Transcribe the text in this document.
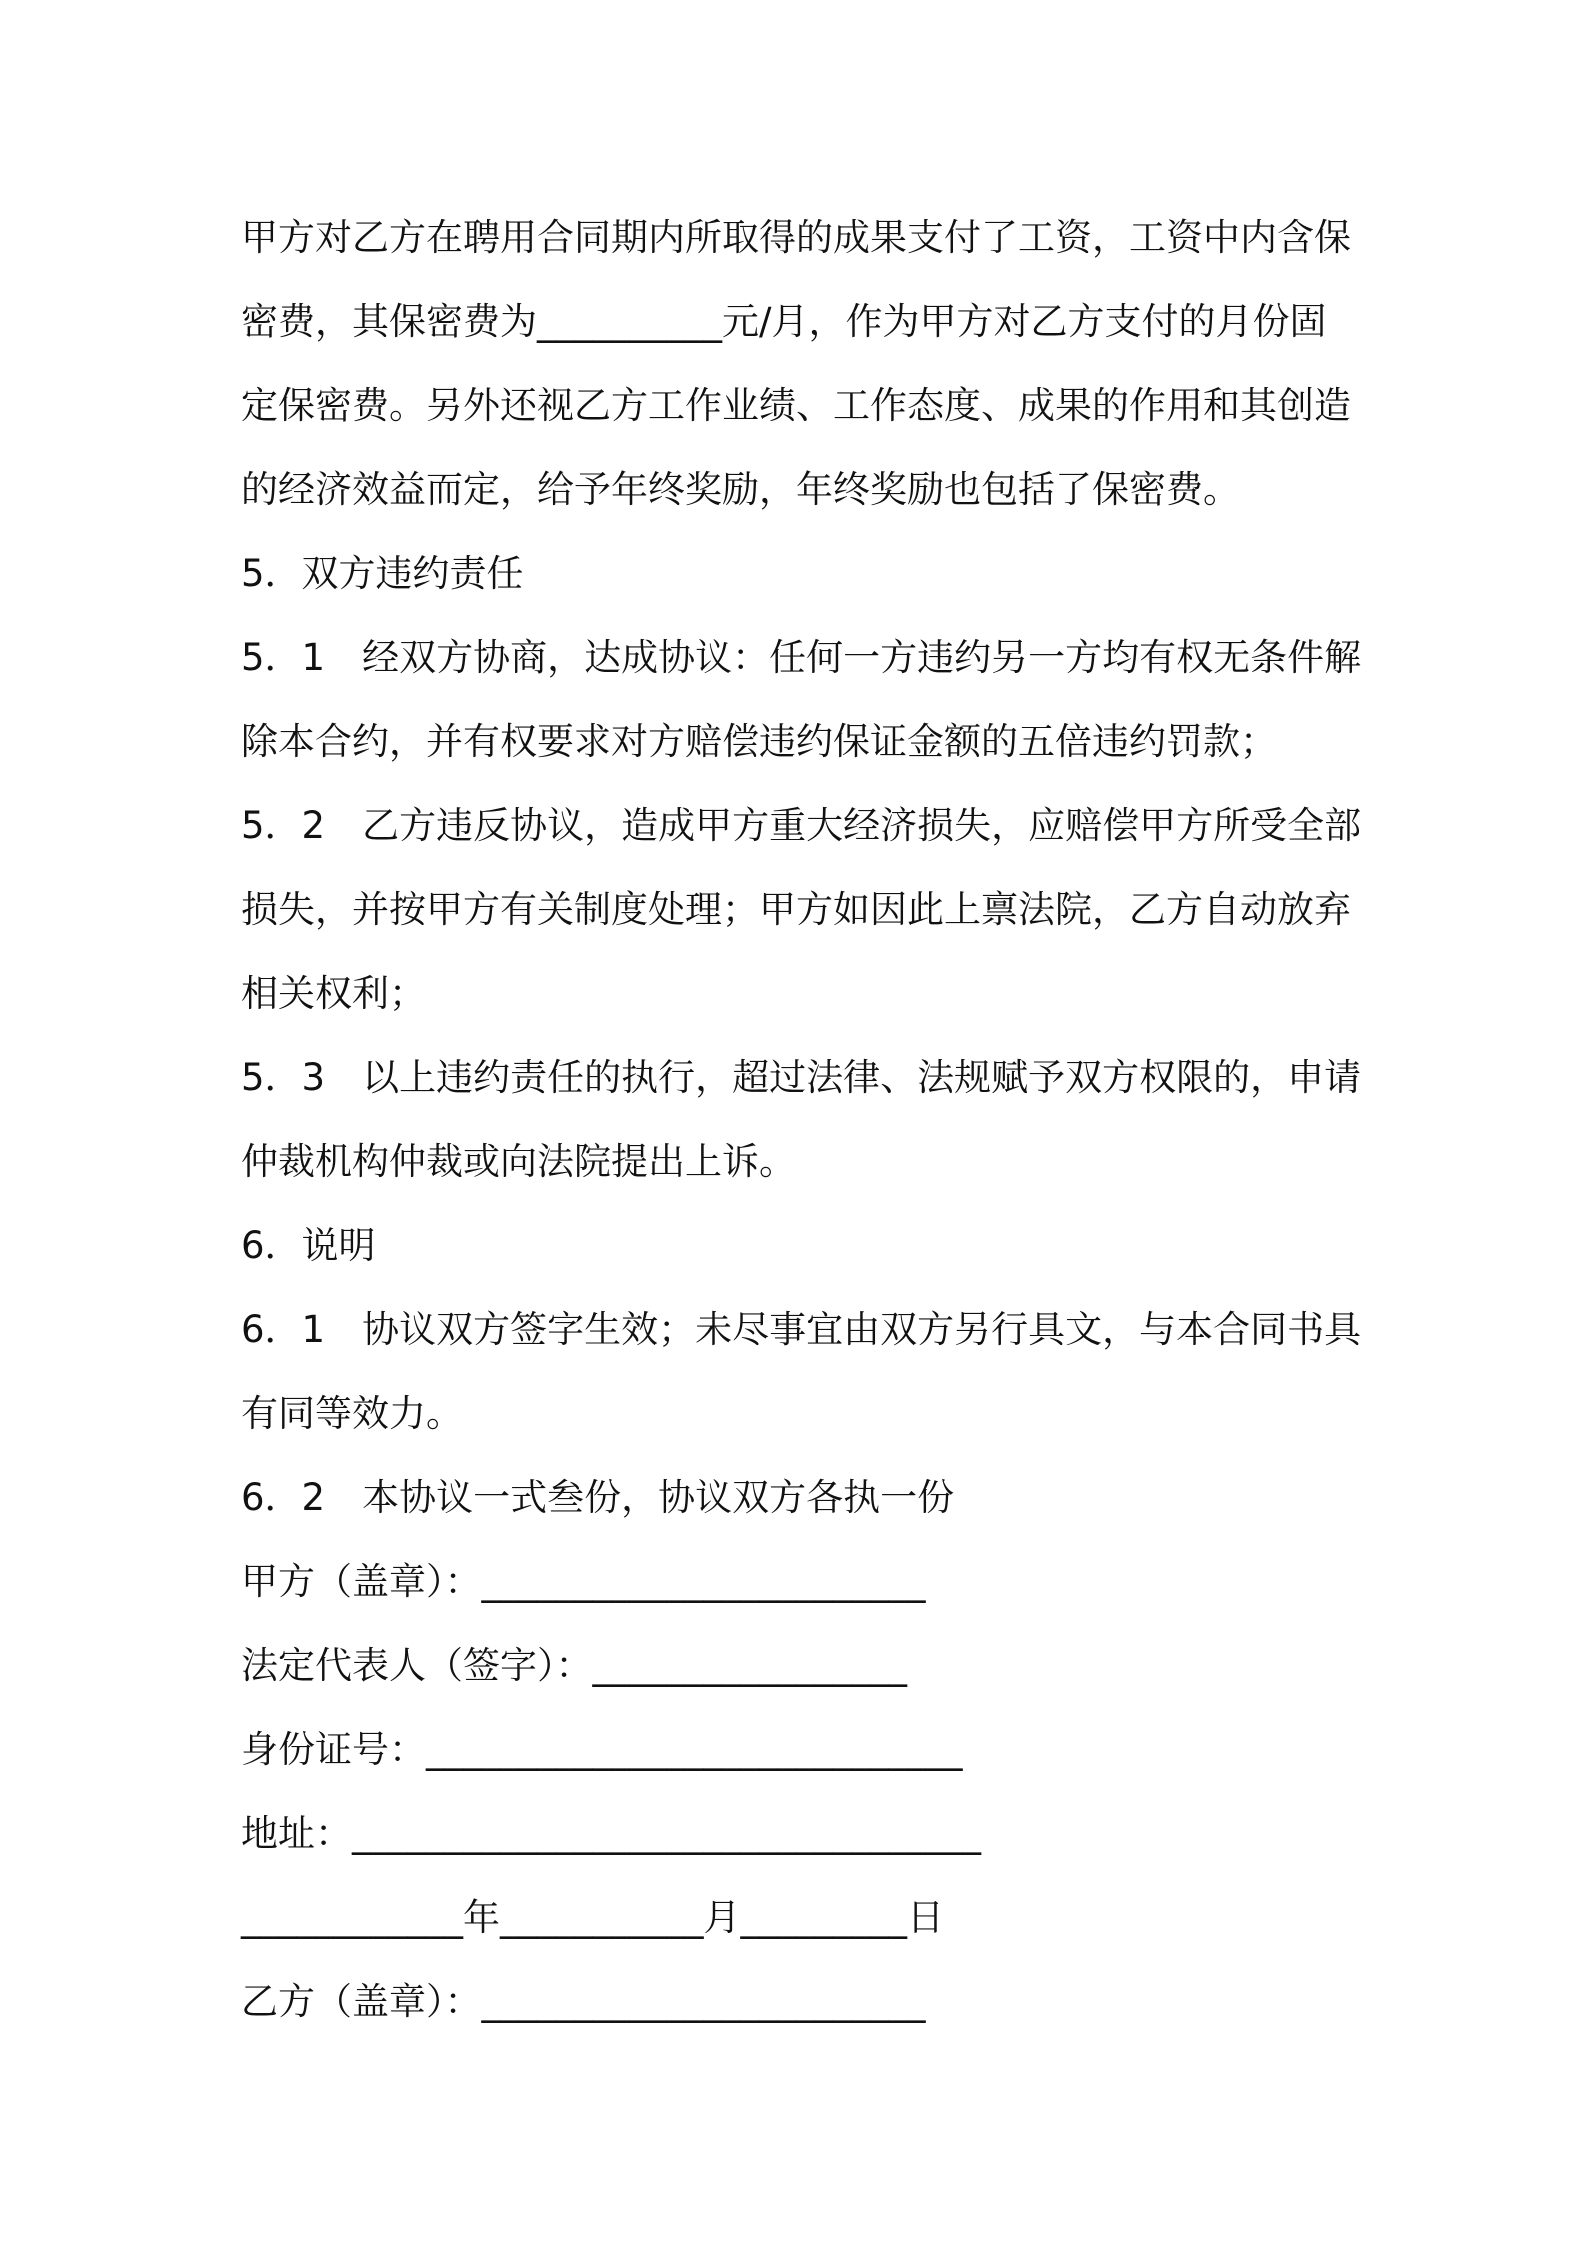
甲方对乙方在聘用合同期内所取得的成果支付了工资，工资中内含保
密费，其保密费为__________元/月，作为甲方对乙方支付的月份固
定保密费。另外还视乙方工作业绩、工作态度、成果的作用和其创造
的经济效益而定，给予年终奖励，年终奖励也包括了保密费。
5．双方违约责任
5．1　经双方协商，达成协议：任何一方违约另一方均有权无条件解
除本合约，并有权要求对方赔偿违约保证金额的五倍违约罚款；
5．2　乙方违反协议，造成甲方重大经济损失，应赔偿甲方所受全部
损失，并按甲方有关制度处理；甲方如因此上禀法院，乙方自动放弃
相关权利；
5．3　以上违约责任的执行，超过法律、法规赋予双方权限的，申请
仲裁机构仲裁或向法院提出上诉。
6．说明
6．1　协议双方签字生效；未尽事宜由双方另行具文，与本合同书具
有同等效力。
6．2　本协议一式叁份，协议双方各执一份
甲方（盖章）：________________________
法定代表人（签字）：_________________
身份证号：_____________________________
地址：__________________________________
____________年___________月_________日
乙方（盖章）：________________________
